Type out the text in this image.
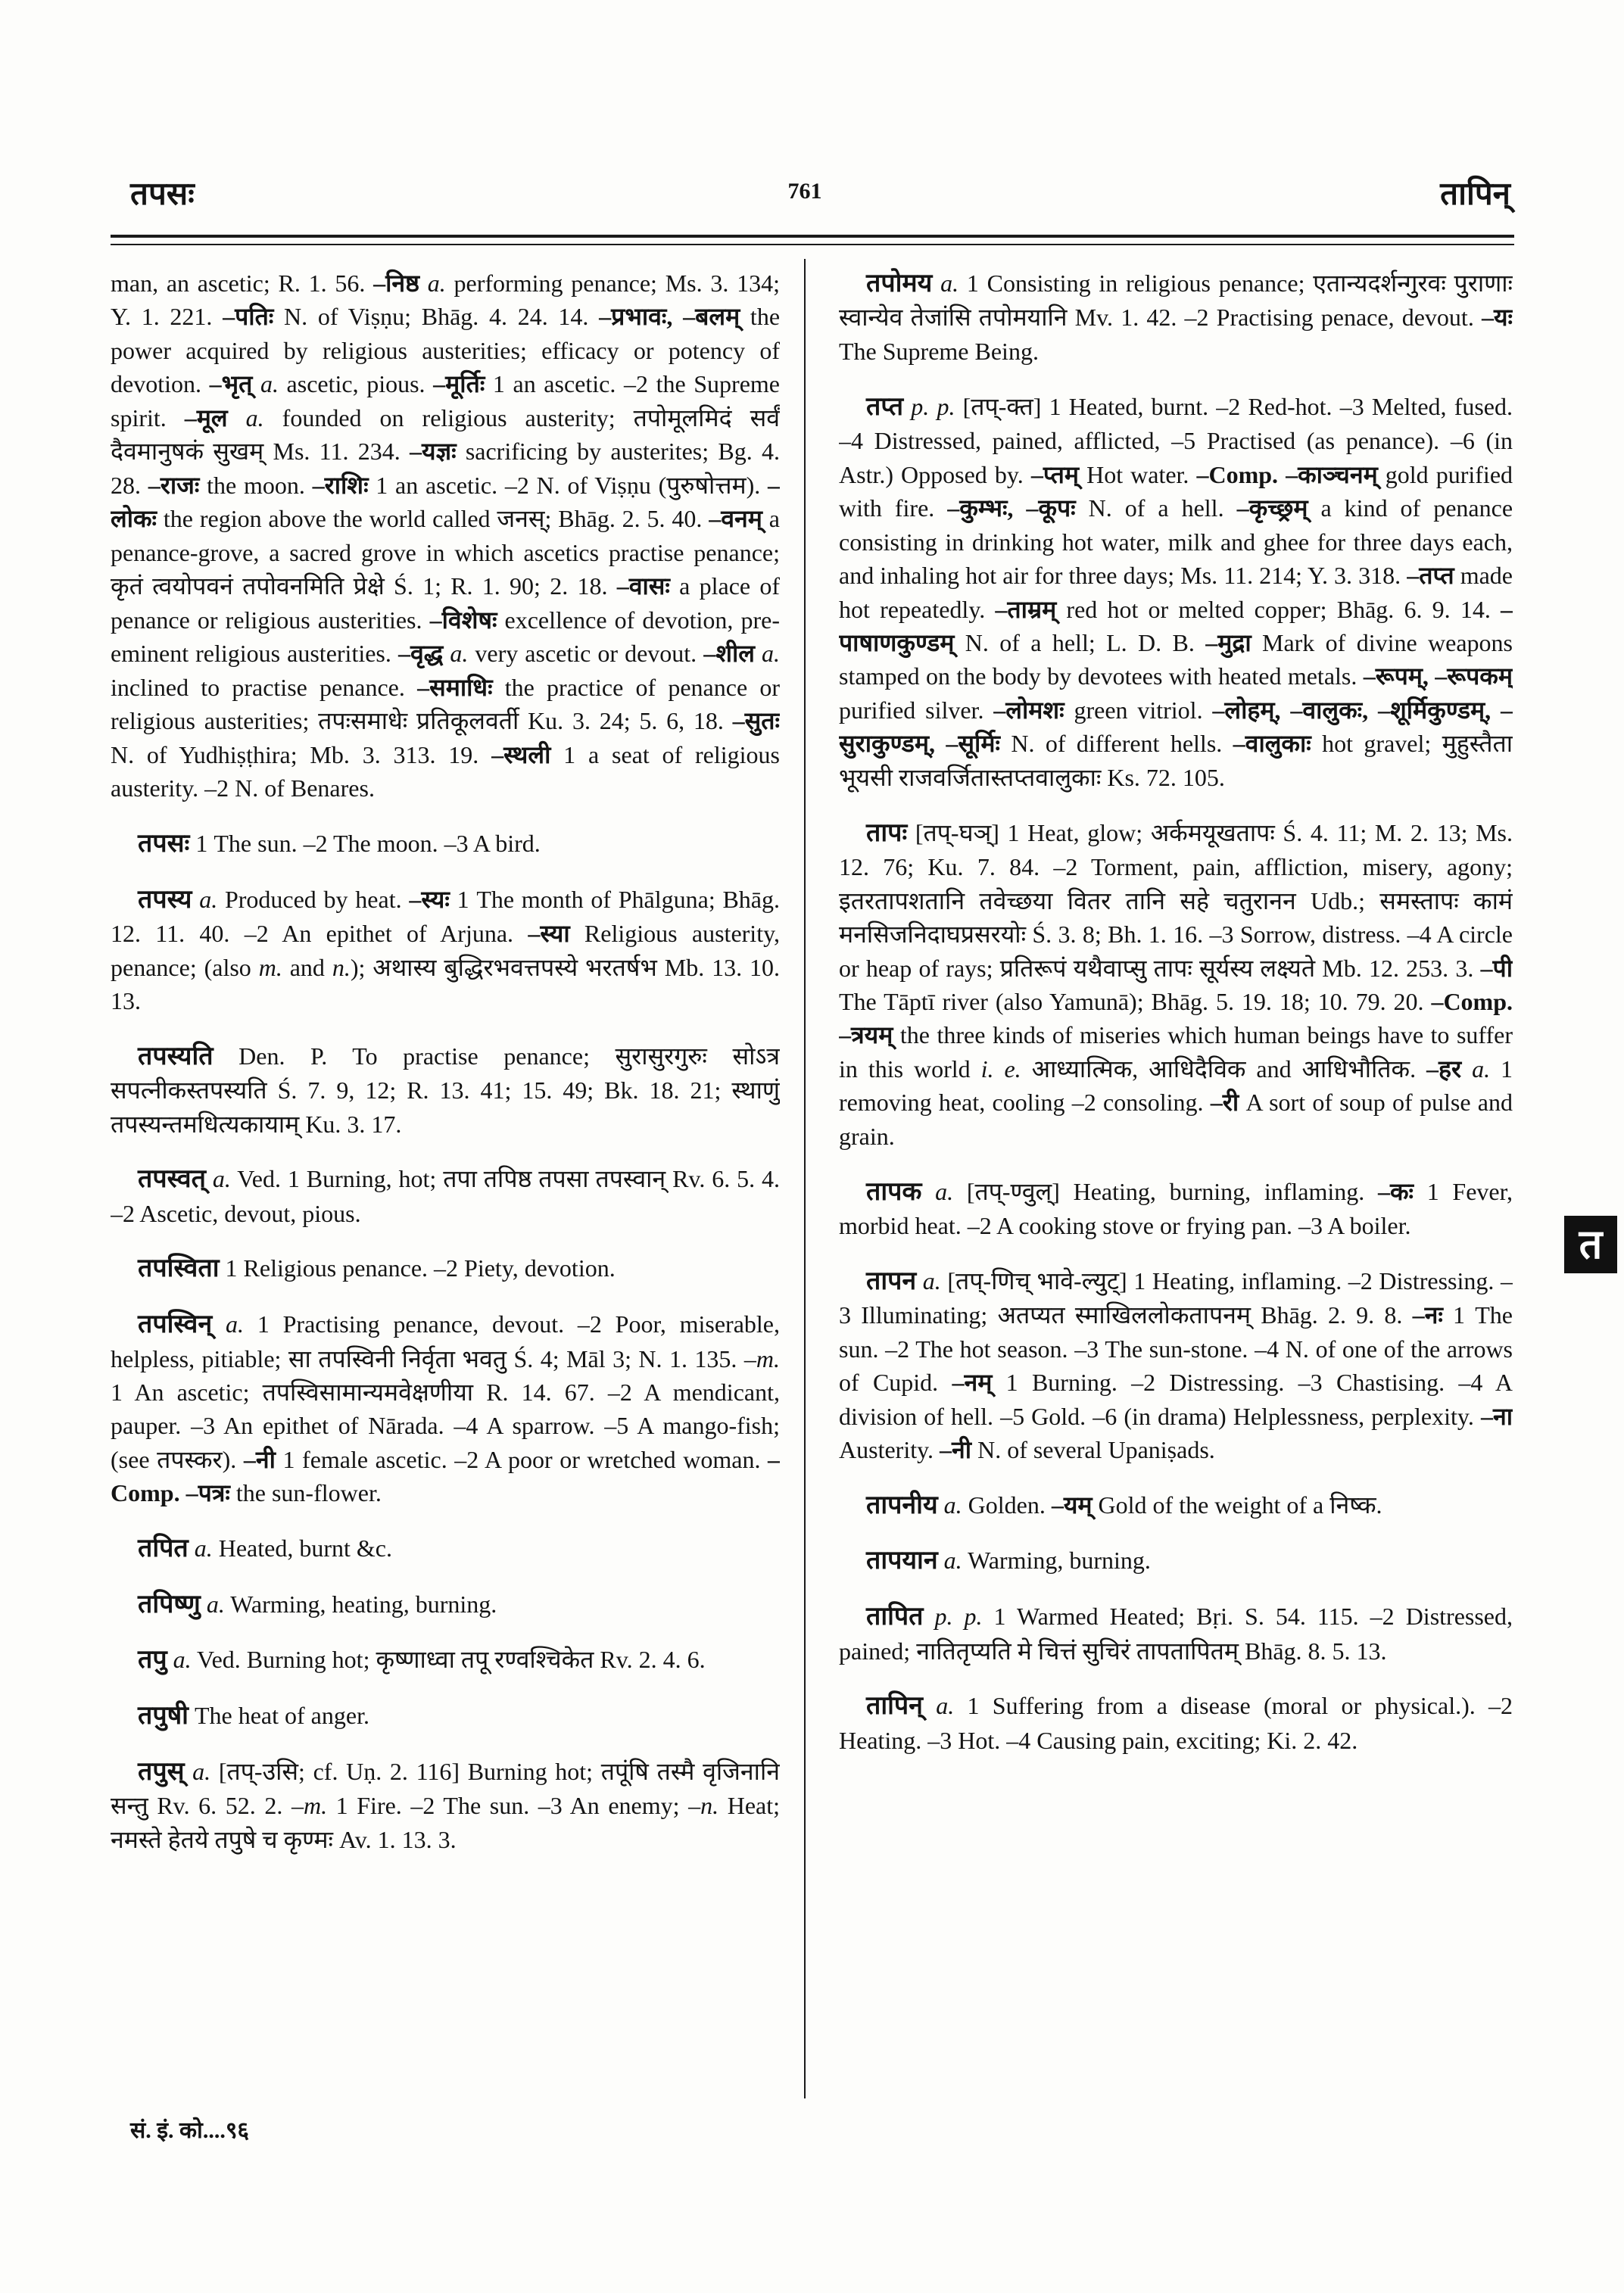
तपसः	761	तापिन्

man, an ascetic; R. 1. 56. –निष्ठ a. performing penance; Ms. 3. 134; Y. 1. 221. –पतिः N. of Viṣṇu; Bhāg. 4. 24. 14. –प्रभावः, –बलम् the power acquired by religious austerities; efficacy or potency of devotion. –भृत् a. ascetic, pious. –मूर्तिः 1 an ascetic. –2 the Supreme spirit. –मूल a. founded on religious austerity; तपोमूलमिदं सर्वं दैवमानुषकं सुखम् Ms. 11. 234. –यज्ञः sacrificing by austerites; Bg. 4. 28. –राजः the moon. –राशिः 1 an ascetic. –2 N. of Viṣṇu (पुरुषोत्तम). –लोकः the region above the world called जनस्; Bhāg. 2. 5. 40. –वनम् a penance-grove, a sacred grove in which ascetics practise penance; कृतं त्वयोपवनं तपोवनमिति प्रेक्षे Ś. 1; R. 1. 90; 2. 18. –वासः a place of penance or religious austerities. –विशेषः excellence of devotion, pre-eminent religious austerities. –वृद्ध a. very ascetic or devout. –शील a. inclined to practise penance. –समाधिः the practice of penance or religious austerities; तपःसमाधेः प्रतिकूलवर्ती Ku. 3. 24; 5. 6, 18. –सुतः N. of Yudhiṣṭhira; Mb. 3. 313. 19. –स्थली 1 a seat of religious austerity. –2 N. of Benares.

तपसः 1 The sun. –2 The moon. –3 A bird.

तपस्य a. Produced by heat. –स्यः 1 The month of Phālguna; Bhāg. 12. 11. 40. –2 An epithet of Arjuna. –स्या Religious austerity, penance; (also m. and n.); अथास्य बुद्धिरभवत्तपस्ये भरतर्षभ Mb. 13. 10. 13.

तपस्यति Den. P. To practise penance; सुरासुरगुरुः सोऽत्र सपत्नीकस्तपस्यति Ś. 7. 9, 12; R. 13. 41; 15. 49; Bk. 18. 21; स्थाणुं तपस्यन्तमधित्यकायाम् Ku. 3. 17.

तपस्वत् a. Ved. 1 Burning, hot; तपा तपिष्ठ तपसा तपस्वान् Rv. 6. 5. 4. –2 Ascetic, devout, pious.

तपस्विता 1 Religious penance. –2 Piety, devotion.

तपस्विन् a. 1 Practising penance, devout. –2 Poor, miserable, helpless, pitiable; सा तपस्विनी निर्वृता भवतु Ś. 4; Māl 3; N. 1. 135. –m. 1 An ascetic; तपस्विसामान्यमवेक्षणीया R. 14. 67. –2 A mendicant, pauper. –3 An epithet of Nārada. –4 A sparrow. –5 A mango-fish; (see तपस्कर). –नी 1 female ascetic. –2 A poor or wretched woman. –Comp. –पत्रः the sun-flower.

तपित a. Heated, burnt &c.

तपिष्णु a. Warming, heating, burning.

तपु a. Ved. Burning hot; कृष्णाध्वा तपू रण्वश्चिकेत Rv. 2. 4. 6.

तपुषी The heat of anger.

तपुस् a. [तप्-उसि; cf. Uṇ. 2. 116] Burning hot; तपूंषि तस्मै वृजिनानि सन्तु Rv. 6. 52. 2. –m. 1 Fire. –2 The sun. –3 An enemy; –n. Heat; नमस्ते हेतये तपुषे च कृण्मः Av. 1. 13. 3.

तपोमय a. 1 Consisting in religious penance; एतान्यदर्शन्गुरवः पुराणाः स्वान्येव तेजांसि तपोमयानि Mv. 1. 42. –2 Practising penace, devout. –यः The Supreme Being.

तप्त p. p. [तप्-क्त] 1 Heated, burnt. –2 Red-hot. –3 Melted, fused. –4 Distressed, pained, afflicted, –5 Practised (as penance). –6 (in Astr.) Opposed by. –प्तम् Hot water. –Comp. –काञ्चनम् gold purified with fire. –कुम्भः, –कूपः N. of a hell. –कृच्छ्रम् a kind of penance consisting in drinking hot water, milk and ghee for three days each, and inhaling hot air for three days; Ms. 11. 214; Y. 3. 318. –तप्त made hot repeatedly. –ताम्रम् red hot or melted copper; Bhāg. 6. 9. 14. –पाषाणकुण्डम् N. of a hell; L. D. B. –मुद्रा Mark of divine weapons stamped on the body by devotees with heated metals. –रूपम्, –रूपकम् purified silver. –लोमशः green vitriol. –लोहम्, –वालुकः, –शूर्मिकुण्डम्, –सुराकुण्डम्, –सूर्मिः N. of different hells. –वालुकाः hot gravel; मुहुस्तैता भूयसी राजवर्जितास्तप्तवालुकाः Ks. 72. 105.

तापः [तप्-घञ्] 1 Heat, glow; अर्कमयूखतापः Ś. 4. 11; M. 2. 13; Ms. 12. 76; Ku. 7. 84. –2 Torment, pain, affliction, misery, agony; इतरतापशतानि तवेच्छया वितर तानि सहे चतुरानन Udb.; समस्तापः कामं मनसिजनिदाघप्रसरयोः Ś. 3. 8; Bh. 1. 16. –3 Sorrow, distress. –4 A circle or heap of rays; प्रतिरूपं यथैवाप्सु तापः सूर्यस्य लक्ष्यते Mb. 12. 253. 3. –पी The Tāptī river (also Yamunā); Bhāg. 5. 19. 18; 10. 79. 20. –Comp. –त्रयम् the three kinds of miseries which human beings have to suffer in this world i. e. आध्यात्मिक, आधिदैविक and आधिभौतिक. –हर a. 1 removing heat, cooling –2 consoling. –री A sort of soup of pulse and grain.

तापक a. [तप्-ण्वुल्] Heating, burning, inflaming. –कः 1 Fever, morbid heat. –2 A cooking stove or frying pan. –3 A boiler.

तापन a. [तप्-णिच् भावे-ल्युट्] 1 Heating, inflaming. –2 Distressing. –3 Illuminating; अतप्यत स्माखिललोकतापनम् Bhāg. 2. 9. 8. –नः 1 The sun. –2 The hot season. –3 The sun-stone. –4 N. of one of the arrows of Cupid. –नम् 1 Burning. –2 Distressing. –3 Chastising. –4 A division of hell. –5 Gold. –6 (in drama) Helplessness, perplexity. –ना Austerity. –नी N. of several Upaniṣads.

तापनीय a. Golden. –यम् Gold of the weight of a निष्क.

तापयान a. Warming, burning.

तापित p. p. 1 Warmed Heated; Bṛi. S. 54. 115. –2 Distressed, pained; नातितृप्यति मे चित्तं सुचिरं तापतापितम् Bhāg. 8. 5. 13.

तापिन् a. 1 Suffering from a disease (moral or physical.). –2 Heating. –3 Hot. –4 Causing pain, exciting; Ki. 2. 42.

त
सं. इं. को....९६
